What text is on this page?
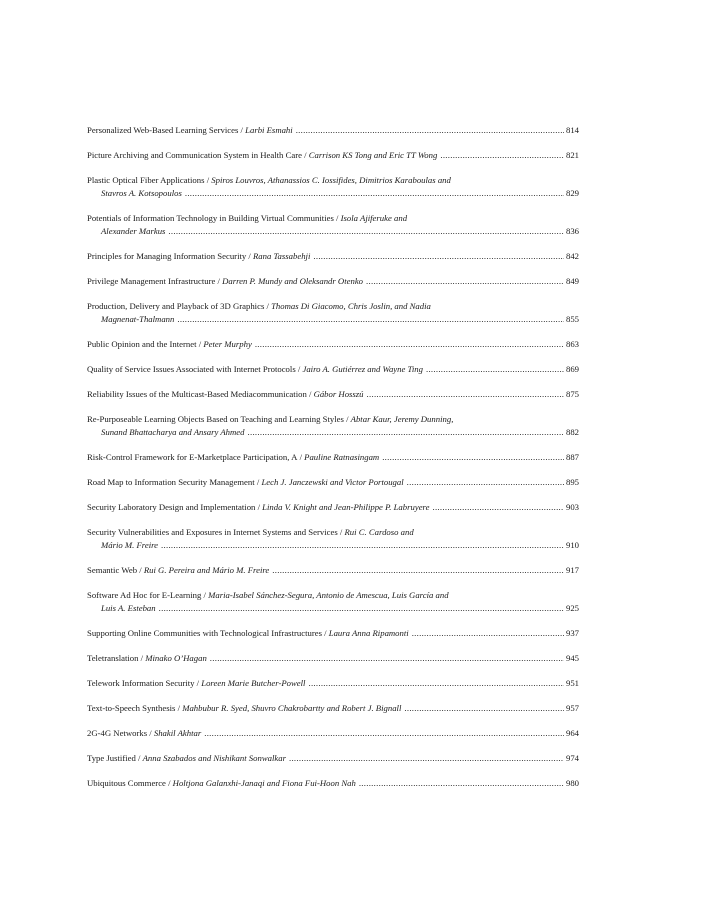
Personalized Web-Based Learning Services / Larbi Esmahi .....	814
Picture Archiving and Communication System in Health Care / Carrison KS Tong and Eric TT Wong .....	821
Plastic Optical Fiber Applications / Spiros Louvros, Athanassios C. Iossifides, Dimitrios Karaboulas and
Stavros A. Kotsopoulos .....	829
Potentials of Information Technology in Building Virtual Communities / Isola Ajiferuke and
Alexander Markus .....	836
Principles for Managing Information Security / Rana Tassabehji .....	842
Privilege Management Infrastructure / Darren P. Mundy and Oleksandr Otenko .....	849
Production, Delivery and Playback of 3D Graphics / Thomas Di Giacomo, Chris Joslin, and Nadia
Magnenat-Thalmann .....	855
Public Opinion and the Internet / Peter Murphy .....	863
Quality of Service Issues Associated with Internet Protocols / Jairo A. Gutiérrez and Wayne Ting .....	869
Reliability Issues of the Multicast-Based Mediacommunication / Gábor Hosszú .....	875
Re-Purposeable Learning Objects Based on Teaching and Learning Styles / Abtar Kaur, Jeremy Dunning,
Sunand Bhattacharya and Ansary Ahmed .....	882
Risk-Control Framework for E-Marketplace Participation, A / Pauline Ratnasingam .....	887
Road Map to Information Security Management / Lech J. Janczewski and Victor Portougal .....	895
Security Laboratory Design and Implementation / Linda V. Knight and Jean-Philippe P. Labruyere .....	903
Security Vulnerabilities and Exposures in Internet Systems and Services / Rui C. Cardoso and
Mário M. Freire .....	910
Semantic Web / Rui G. Pereira and Mário M. Freire .....	917
Software Ad Hoc for E-Learning / Maria-Isabel Sánchez-Segura, Antonio de Amescua, Luis García and
Luis A. Esteban .....	925
Supporting Online Communities with Technological Infrastructures / Laura Anna Ripamonti .....	937
Teletranslation / Minako O’Hagan .....	945
Telework Information Security / Loreen Marie Butcher-Powell .....	951
Text-to-Speech Synthesis / Mahbubur R. Syed, Shuvro Chakrobartty and Robert J. Bignall .....	957
2G-4G Networks / Shakil Akhtar .....	964
Type Justified / Anna Szabados and Nishikant Sonwalkar .....	974
Ubiquitous Commerce / Holtjona Galanxhi-Janaqi and Fiona Fui-Hoon Nah .....	980
